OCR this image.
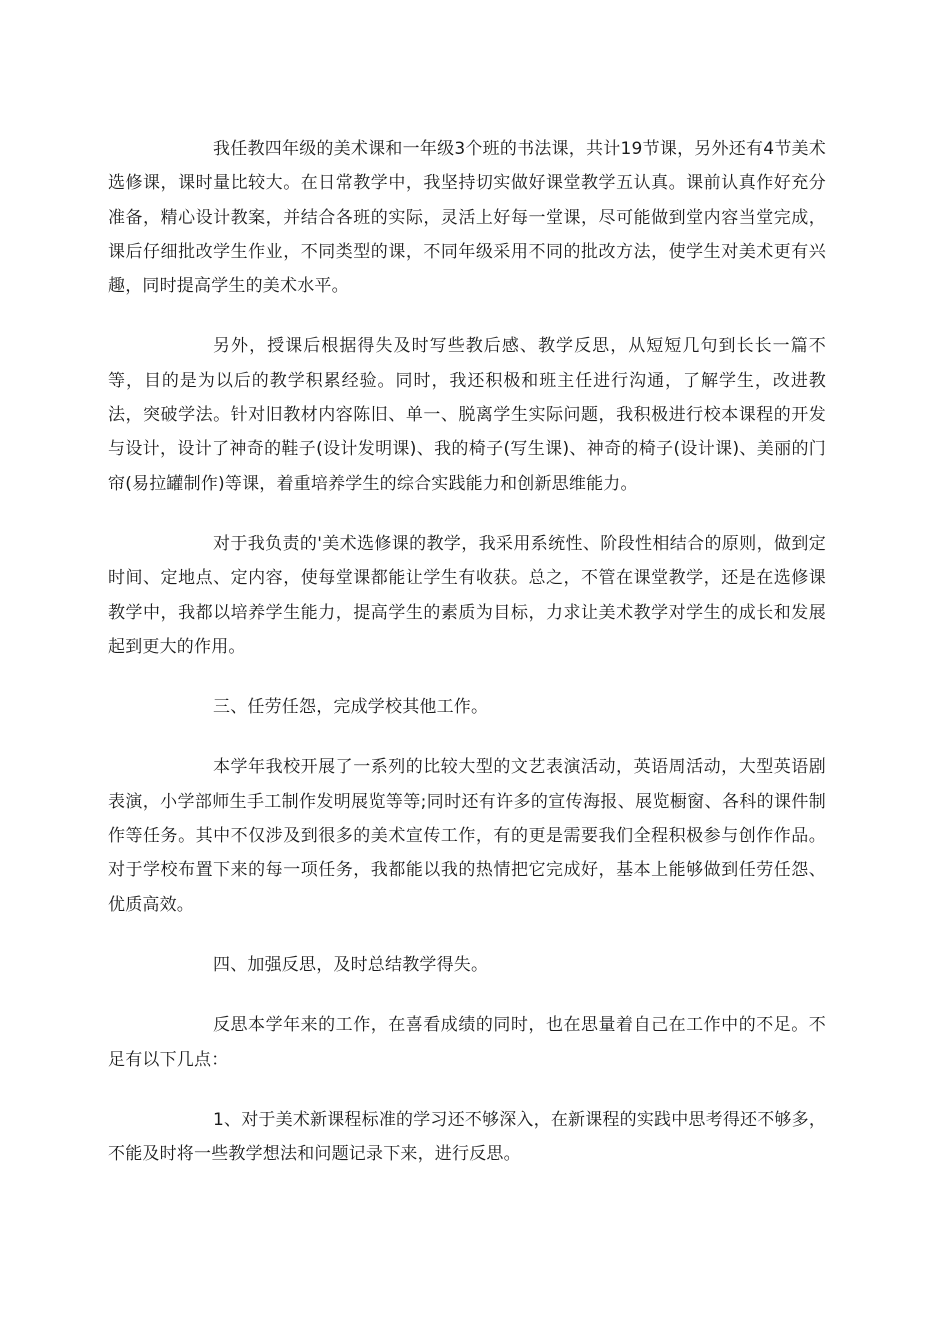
我任教四年级的美术课和一年级3个班的书法课，共计19节课，另外还有4节美术选修课，课时量比较大。在日常教学中，我坚持切实做好课堂教学五认真。课前认真作好充分准备，精心设计教案，并结合各班的实际，灵活上好每一堂课，尽可能做到堂内容当堂完成，课后仔细批改学生作业，不同类型的课，不同年级采用不同的批改方法，使学生对美术更有兴趣，同时提高学生的美术水平。

另外，授课后根据得失及时写些教后感、教学反思，从短短几句到长长一篇不等，目的是为以后的教学积累经验。同时，我还积极和班主任进行沟通，了解学生，改进教法，突破学法。针对旧教材内容陈旧、单一、脱离学生实际问题，我积极进行校本课程的开发与设计，设计了神奇的鞋子(设计发明课)、我的椅子(写生课)、神奇的椅子(设计课)、美丽的门帘(易拉罐制作)等课，着重培养学生的综合实践能力和创新思维能力。

对于我负责的'美术选修课的教学，我采用系统性、阶段性相结合的原则，做到定时间、定地点、定内容，使每堂课都能让学生有收获。总之，不管在课堂教学，还是在选修课教学中，我都以培养学生能力，提高学生的素质为目标，力求让美术教学对学生的成长和发展起到更大的作用。

三、任劳任怨，完成学校其他工作。

本学年我校开展了一系列的比较大型的文艺表演活动，英语周活动，大型英语剧表演，小学部师生手工制作发明展览等等;同时还有许多的宣传海报、展览橱窗、各科的课件制作等任务。其中不仅涉及到很多的美术宣传工作，有的更是需要我们全程积极参与创作作品。对于学校布置下来的每一项任务，我都能以我的热情把它完成好，基本上能够做到任劳任怨、优质高效。

四、加强反思，及时总结教学得失。

反思本学年来的工作，在喜看成绩的同时，也在思量着自己在工作中的不足。不足有以下几点：

1、对于美术新课程标准的学习还不够深入，在新课程的实践中思考得还不够多，不能及时将一些教学想法和问题记录下来，进行反思。
